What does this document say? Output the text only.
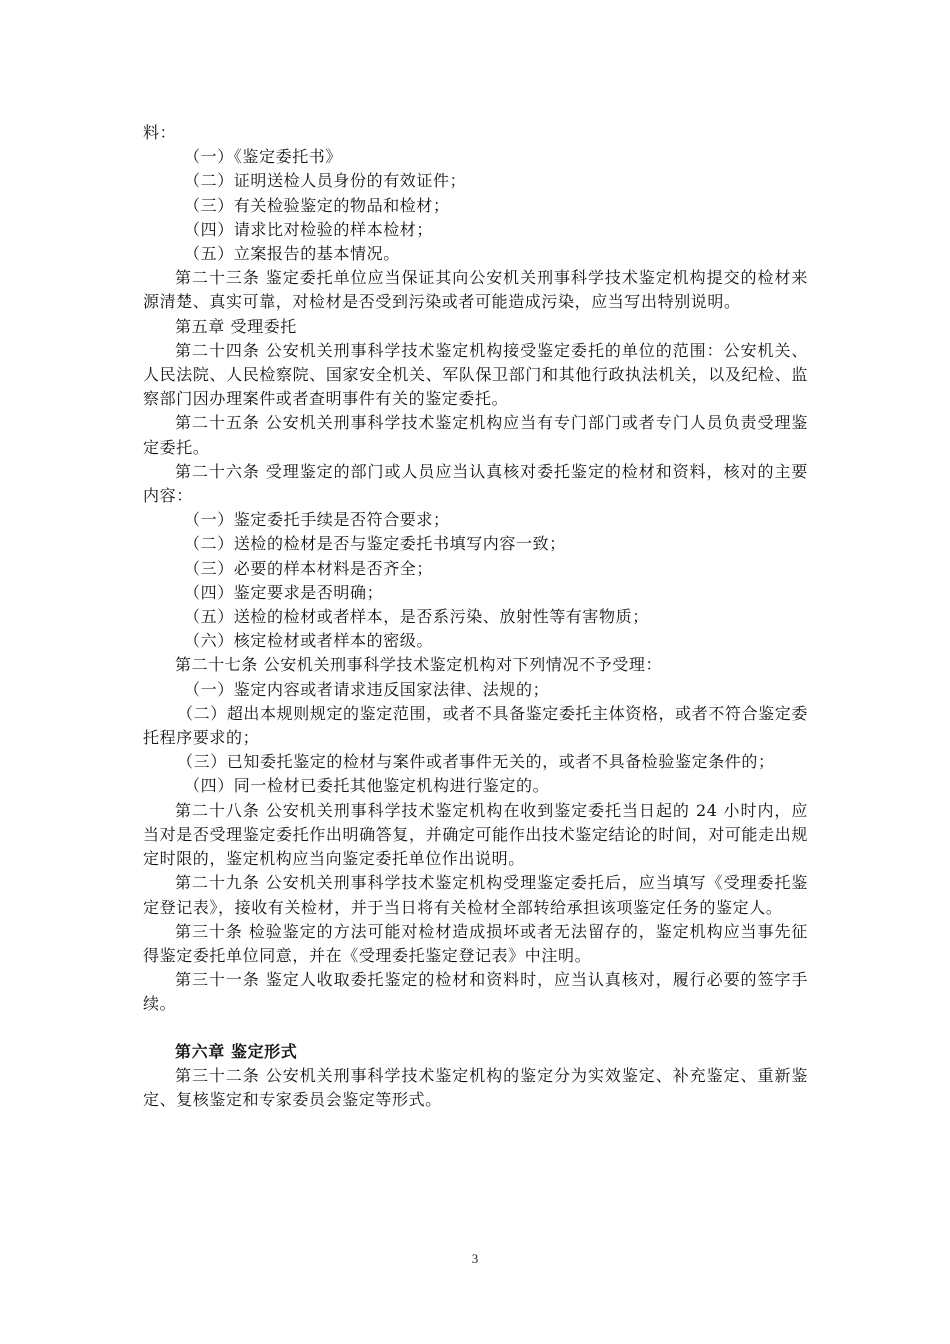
料：

（一）《鉴定委托书》

（二）证明送检人员身份的有效证件；

（三）有关检验鉴定的物品和检材；

（四）请求比对检验的样本检材；

（五）立案报告的基本情况。

第二十三条 鉴定委托单位应当保证其向公安机关刑事科学技术鉴定机构提交的检材来源清楚、真实可靠，对检材是否受到污染或者可能造成污染，应当写出特别说明。

第五章 受理委托

第二十四条 公安机关刑事科学技术鉴定机构接受鉴定委托的单位的范围：公安机关、人民法院、人民检察院、国家安全机关、军队保卫部门和其他行政执法机关，以及纪检、监察部门因办理案件或者查明事件有关的鉴定委托。

第二十五条 公安机关刑事科学技术鉴定机构应当有专门部门或者专门人员负责受理鉴定委托。

第二十六条 受理鉴定的部门或人员应当认真核对委托鉴定的检材和资料，核对的主要内容：

（一）鉴定委托手续是否符合要求；

（二）送检的检材是否与鉴定委托书填写内容一致；

（三）必要的样本材料是否齐全；

（四）鉴定要求是否明确；

（五）送检的检材或者样本，是否系污染、放射性等有害物质；

（六）核定检材或者样本的密级。

第二十七条 公安机关刑事科学技术鉴定机构对下列情况不予受理：

（一）鉴定内容或者请求违反国家法律、法规的；

（二）超出本规则规定的鉴定范围，或者不具备鉴定委托主体资格，或者不符合鉴定委托程序要求的；

（三）已知委托鉴定的检材与案件或者事件无关的，或者不具备检验鉴定条件的；

（四）同一检材已委托其他鉴定机构进行鉴定的。

第二十八条 公安机关刑事科学技术鉴定机构在收到鉴定委托当日起的 24 小时内，应当对是否受理鉴定委托作出明确答复，并确定可能作出技术鉴定结论的时间，对可能走出规定时限的，鉴定机构应当向鉴定委托单位作出说明。

第二十九条 公安机关刑事科学技术鉴定机构受理鉴定委托后，应当填写《受理委托鉴定登记表》，接收有关检材，并于当日将有关检材全部转给承担该项鉴定任务的鉴定人。

第三十条 检验鉴定的方法可能对检材造成损坏或者无法留存的，鉴定机构应当事先征得鉴定委托单位同意，并在《受理委托鉴定登记表》中注明。

第三十一条 鉴定人收取委托鉴定的检材和资料时，应当认真核对，履行必要的签字手续。

第六章 鉴定形式

第三十二条 公安机关刑事科学技术鉴定机构的鉴定分为实效鉴定、补充鉴定、重新鉴定、复核鉴定和专家委员会鉴定等形式。

3
